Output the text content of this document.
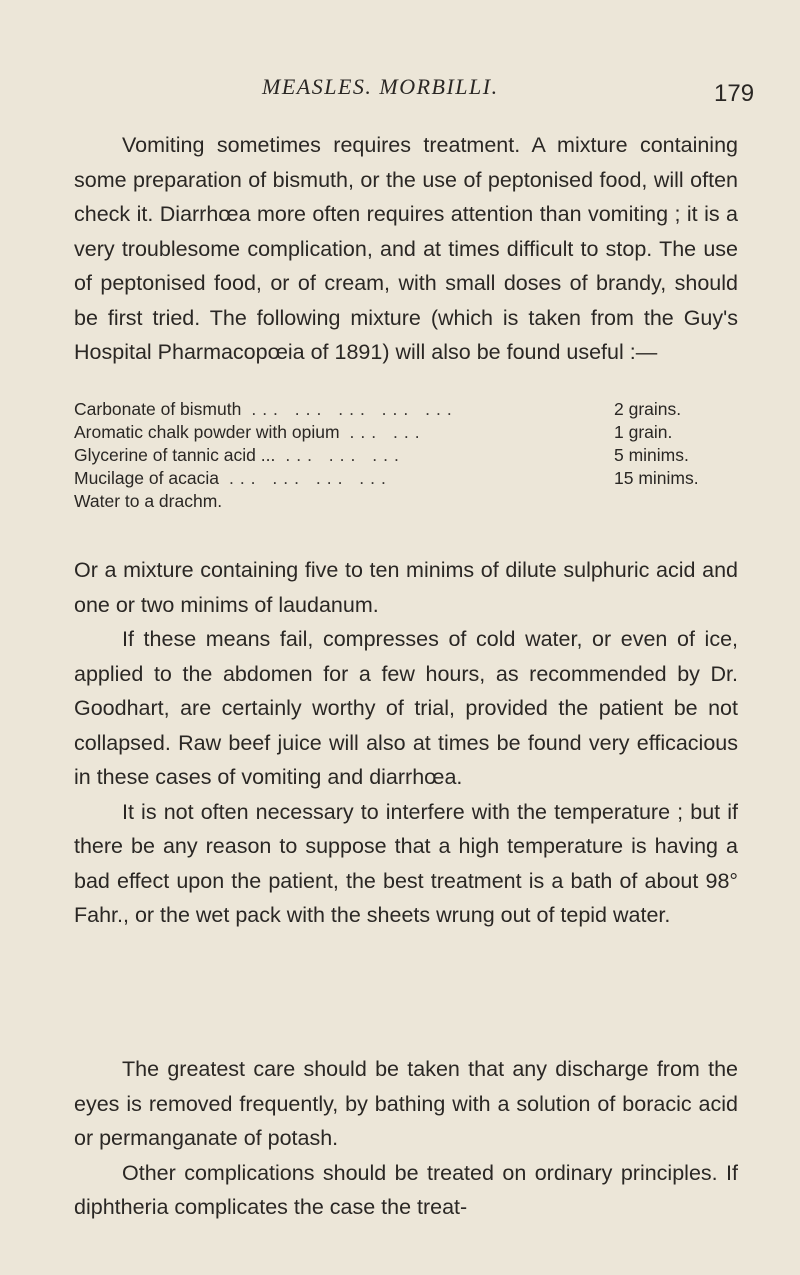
MEASLES. MORBILLI.	179

Vomiting sometimes requires treatment. A mixture containing some preparation of bismuth, or the use of peptonised food, will often check it. Diarrhœa more often requires attention than vomiting ; it is a very troublesome complication, and at times difficult to stop. The use of peptonised food, or of cream, with small doses of brandy, should be first tried. The following mixture (which is taken from the Guy's Hospital Pharmacopœia of 1891) will also be found useful :—

Carbonate of bismuth ... ... ... ... ...	2 grains.
Aromatic chalk powder with opium ... ...	1 grain.
Glycerine of tannic acid ... ... ... ...	5 minims.
Mucilage of acacia ... ... ... ...	15 minims.
Water to a drachm.

Or a mixture containing five to ten minims of dilute sulphuric acid and one or two minims of laudanum.

If these means fail, compresses of cold water, or even of ice, applied to the abdomen for a few hours, as recommended by Dr. Goodhart, are certainly worthy of trial, provided the patient be not collapsed. Raw beef juice will also at times be found very efficacious in these cases of vomiting and diarrhœa.

It is not often necessary to interfere with the temperature ; but if there be any reason to suppose that a high temperature is having a bad effect upon the patient, the best treatment is a bath of about 98° Fahr., or the wet pack with the sheets wrung out of tepid water.

The greatest care should be taken that any discharge from the eyes is removed frequently, by bathing with a solution of boracic acid or permanganate of potash.

Other complications should be treated on ordinary principles. If diphtheria complicates the case the treat-
